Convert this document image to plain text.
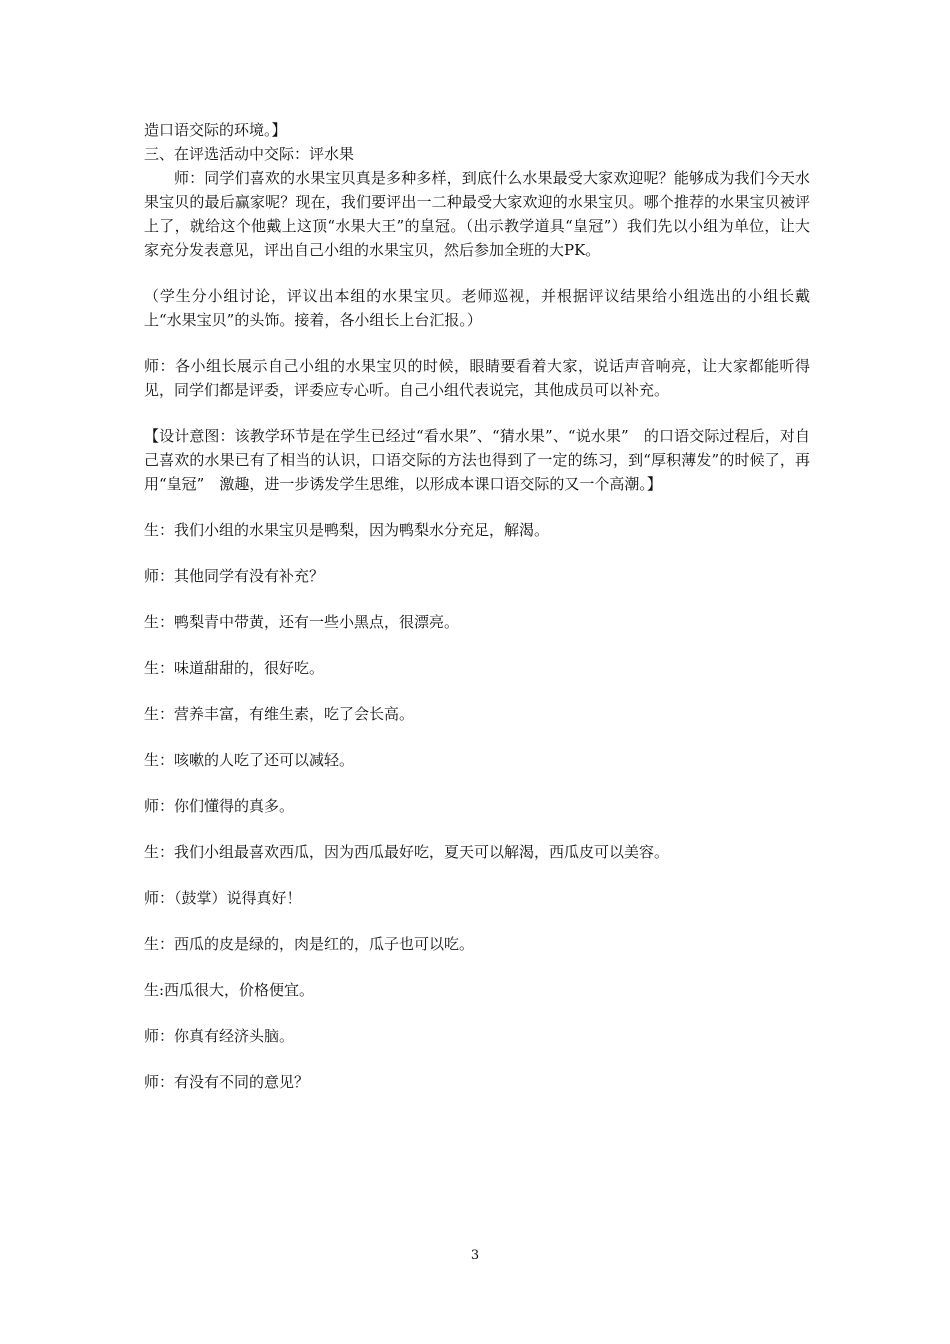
造口语交际的环境。】
三、在评选活动中交际：评水果

师：同学们喜欢的水果宝贝真是多种多样，到底什么水果最受大家欢迎呢？能够成为我们今天水果宝贝的最后赢家呢？现在，我们要评出一二种最受大家欢迎的水果宝贝。哪个推荐的水果宝贝被评上了，就给这个他戴上这顶“水果大王”的皇冠。（出示教学道具“皇冠”）我们先以小组为单位，让大家充分发表意见，评出自己小组的水果宝贝，然后参加全班的大PK。

（学生分小组讨论，评议出本组的水果宝贝。老师巡视，并根据评议结果给小组选出的小组长戴上“水果宝贝”的头饰。接着，各小组长上台汇报。）

师：各小组长展示自己小组的水果宝贝的时候，眼睛要看着大家，说话声音响亮，让大家都能听得见，同学们都是评委，评委应专心听。自己小组代表说完，其他成员可以补充。

【设计意图：该教学环节是在学生已经过“看水果”、“猜水果”、“说水果”　的口语交际过程后，对自己喜欢的水果已有了相当的认识，口语交际的方法也得到了一定的练习，到“厚积薄发”的时候了，再用“皇冠”　激趣，进一步诱发学生思维，以形成本课口语交际的又一个高潮。】

生：我们小组的水果宝贝是鸭梨，因为鸭梨水分充足，解渴。

师：其他同学有没有补充？

生：鸭梨青中带黄，还有一些小黑点，很漂亮。

生：味道甜甜的，很好吃。

生：营养丰富，有维生素，吃了会长高。

生：咳嗽的人吃了还可以减轻。

师：你们懂得的真多。

生：我们小组最喜欢西瓜，因为西瓜最好吃，夏天可以解渴，西瓜皮可以美容。

师：（鼓掌）说得真好！

生：西瓜的皮是绿的，肉是红的，瓜子也可以吃。

生:西瓜很大，价格便宜。

师：你真有经济头脑。

师：有没有不同的意见？

3
